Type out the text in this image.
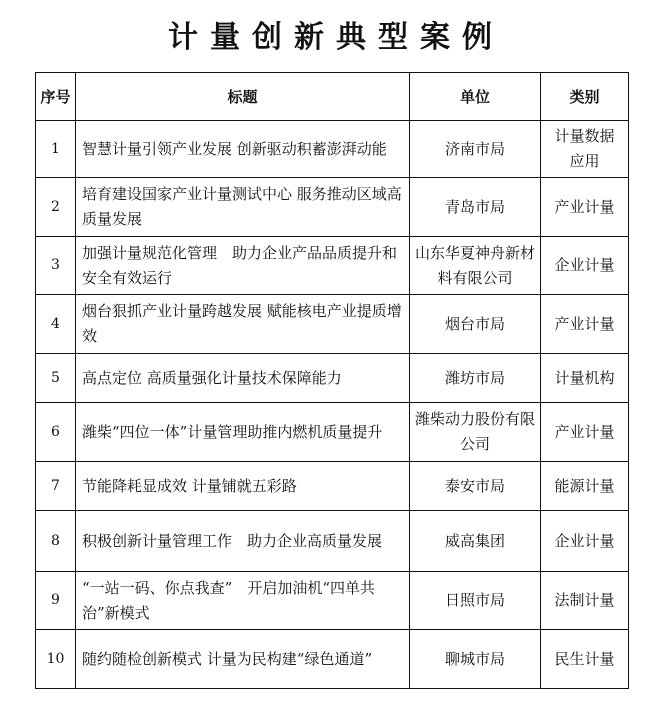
计量创新典型案例
序号	标题	单位	类别
1	智慧计量引领产业发展 创新驱动积蓄澎湃动能	济南市局	计量数据应用
2	培育建设国家产业计量测试中心 服务推动区域高质量发展	青岛市局	产业计量
3	加强计量规范化管理　助力企业产品品质提升和安全有效运行	山东华夏神舟新材料有限公司	企业计量
4	烟台狠抓产业计量跨越发展 赋能核电产业提质增效	烟台市局	产业计量
5	高点定位 高质量强化计量技术保障能力	潍坊市局	计量机构
6	潍柴“四位一体”计量管理助推内燃机质量提升	潍柴动力股份有限公司	产业计量
7	节能降耗显成效 计量铺就五彩路	泰安市局	能源计量
8	积极创新计量管理工作　助力企业高质量发展	威高集团	企业计量
9	“一站一码、你点我查”　开启加油机“四单共治”新模式	日照市局	法制计量
10	随约随检创新模式 计量为民构建“绿色通道”	聊城市局	民生计量
